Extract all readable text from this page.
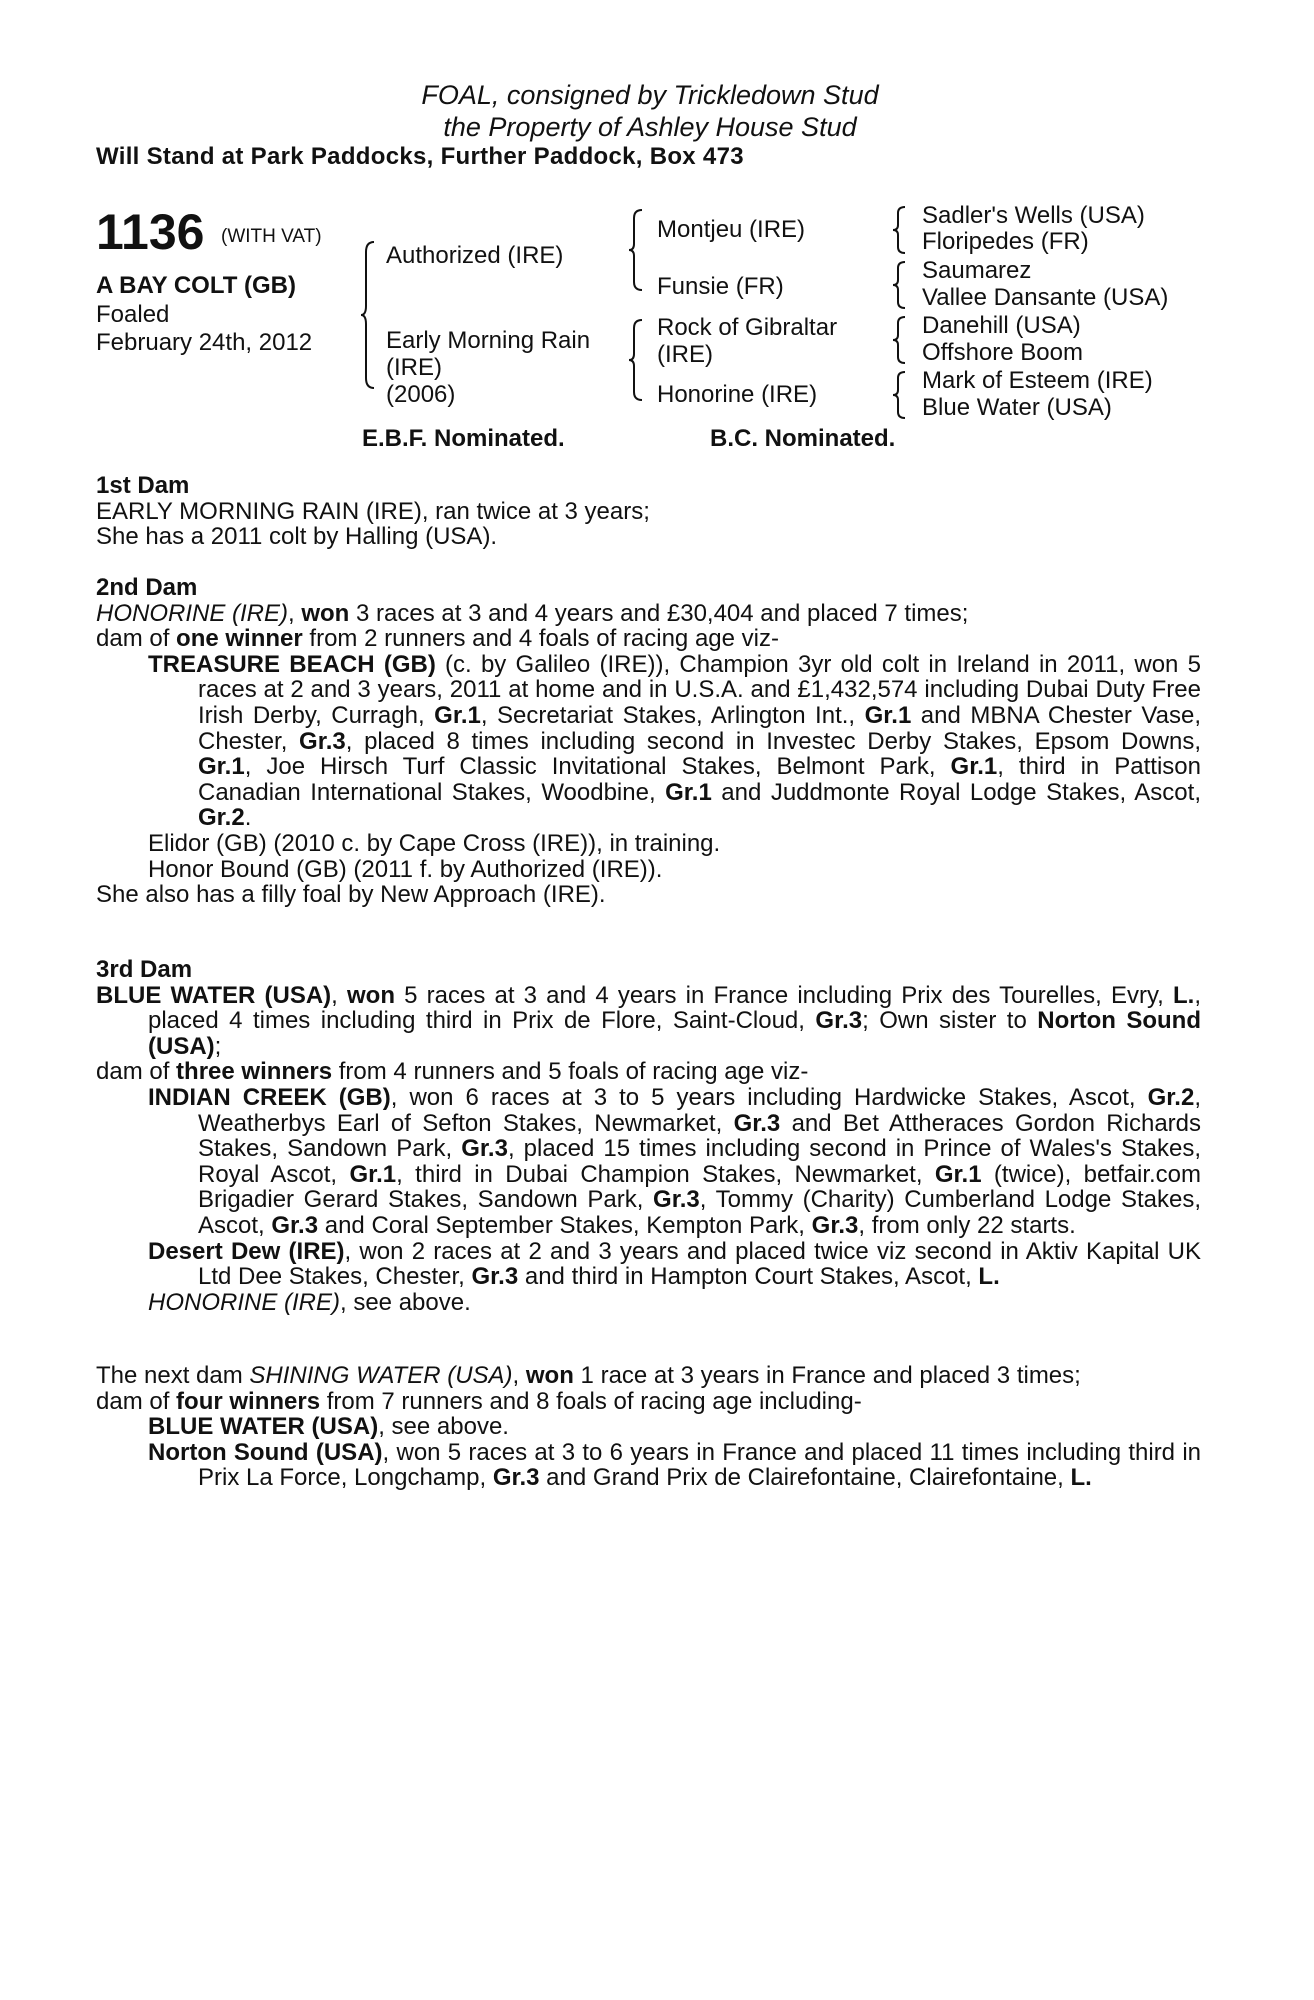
FOAL, consigned by Trickledown Stud
the Property of Ashley House Stud
Will Stand at Park Paddocks, Further Paddock, Box 473
1136 (WITH VAT)
A BAY COLT (GB)
Foaled
February 24th, 2012
Authorized (IRE)
Early Morning Rain
(IRE)
(2006)
Montjeu (IRE)
Funsie (FR)
Rock of Gibraltar
(IRE)
Honorine (IRE)
Sadler's Wells (USA)
Floripedes (FR)
Saumarez
Vallee Dansante (USA)
Danehill (USA)
Offshore Boom
Mark of Esteem (IRE)
Blue Water (USA)
E.B.F. Nominated.	B.C. Nominated.

1st Dam

EARLY MORNING RAIN (IRE), ran twice at 3 years;

She has a 2011 colt by Halling (USA).

2nd Dam

HONORINE (IRE), won 3 races at 3 and 4 years and £30,404 and placed 7 times;

dam of one winner from 2 runners and 4 foals of racing age viz-

TREASURE BEACH (GB) (c. by Galileo (IRE)), Champion 3yr old colt in Ireland in 2011, won 5 races at 2 and 3 years, 2011 at home and in U.S.A. and £1,432,574 including Dubai Duty Free Irish Derby, Curragh, Gr.1, Secretariat Stakes, Arlington Int., Gr.1 and MBNA Chester Vase, Chester, Gr.3, placed 8 times including second in Investec Derby Stakes, Epsom Downs, Gr.1, Joe Hirsch Turf Classic Invitational Stakes, Belmont Park, Gr.1, third in Pattison Canadian International Stakes, Woodbine, Gr.1 and Juddmonte Royal Lodge Stakes, Ascot, Gr.2.

Elidor (GB) (2010 c. by Cape Cross (IRE)), in training.

Honor Bound (GB) (2011 f. by Authorized (IRE)).

She also has a filly foal by New Approach (IRE).

3rd Dam

BLUE WATER (USA), won 5 races at 3 and 4 years in France including Prix des Tourelles, Evry, L., placed 4 times including third in Prix de Flore, Saint-Cloud, Gr.3; Own sister to Norton Sound (USA);

dam of three winners from 4 runners and 5 foals of racing age viz-

INDIAN CREEK (GB), won 6 races at 3 to 5 years including Hardwicke Stakes, Ascot, Gr.2, Weatherbys Earl of Sefton Stakes, Newmarket, Gr.3 and Bet Attheraces Gordon Richards Stakes, Sandown Park, Gr.3, placed 15 times including second in Prince of Wales's Stakes, Royal Ascot, Gr.1, third in Dubai Champion Stakes, Newmarket, Gr.1 (twice), betfair.com Brigadier Gerard Stakes, Sandown Park, Gr.3, Tommy (Charity) Cumberland Lodge Stakes, Ascot, Gr.3 and Coral September Stakes, Kempton Park, Gr.3, from only 22 starts.

Desert Dew (IRE), won 2 races at 2 and 3 years and placed twice viz second in Aktiv Kapital UK Ltd Dee Stakes, Chester, Gr.3 and third in Hampton Court Stakes, Ascot, L.

HONORINE (IRE), see above.

The next dam SHINING WATER (USA), won 1 race at 3 years in France and placed 3 times;

dam of four winners from 7 runners and 8 foals of racing age including-

BLUE WATER (USA), see above.

Norton Sound (USA), won 5 races at 3 to 6 years in France and placed 11 times including third in Prix La Force, Longchamp, Gr.3 and Grand Prix de Clairefontaine, Clairefontaine, L.
